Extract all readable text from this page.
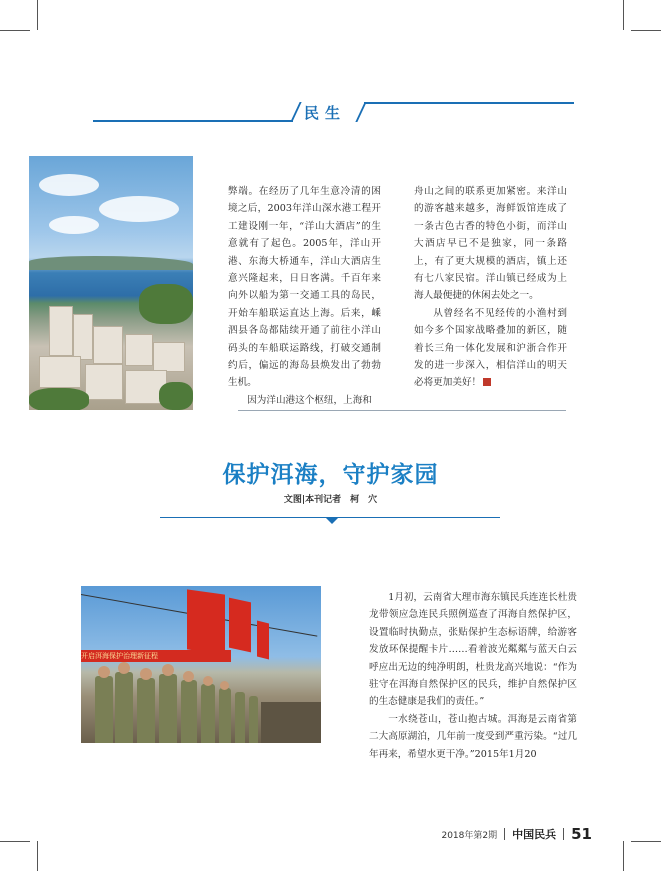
民生

弊端。在经历了几年生意冷清的困境之后，2003年洋山深水港工程开工建设刚一年，“洋山大酒店”的生意就有了起色。2005年，洋山开港、东海大桥通车，洋山大酒店生意兴隆起来，日日客满。千百年来向外以船为第一交通工具的岛民，开始车船联运直达上海。后来，嵊泗县各岛都陆续开通了前往小洋山码头的车船联运路线，打破交通制约后，偏远的海岛县焕发出了勃勃生机。

因为洋山港这个枢纽，上海和

舟山之间的联系更加紧密。来洋山的游客越来越多，海鲜饭馆连成了一条古色古香的特色小街，而洋山大酒店早已不是独家，同一条路上，有了更大规模的酒店，镇上还有七八家民宿。洋山镇已经成为上海人最便捷的休闲去处之一。

从曾经名不见经传的小渔村到如今多个国家战略叠加的新区，随着长三角一体化发展和沪浙合作开发的进一步深入，相信洋山的明天必将更加美好！

保护洱海，守护家园
文图|本刊记者　柯　穴
开启洱海保护治理新征程

1月初，云南省大理市海东镇民兵连连长杜贵龙带领应急连民兵照例巡查了洱海自然保护区，设置临时执勤点，张贴保护生态标语牌，给游客发放环保提醒卡片……看着波光粼粼与蓝天白云呼应出无边的纯净明朗，杜贵龙高兴地说：“作为驻守在洱海自然保护区的民兵，维护自然保护区的生态健康是我们的责任。”

一水绕苍山，苍山抱古城。洱海是云南省第二大高原湖泊，几年前一度受到严重污染。“过几年再来，希望水更干净。”2015年1月20

2018年第2期 中国民兵 51
